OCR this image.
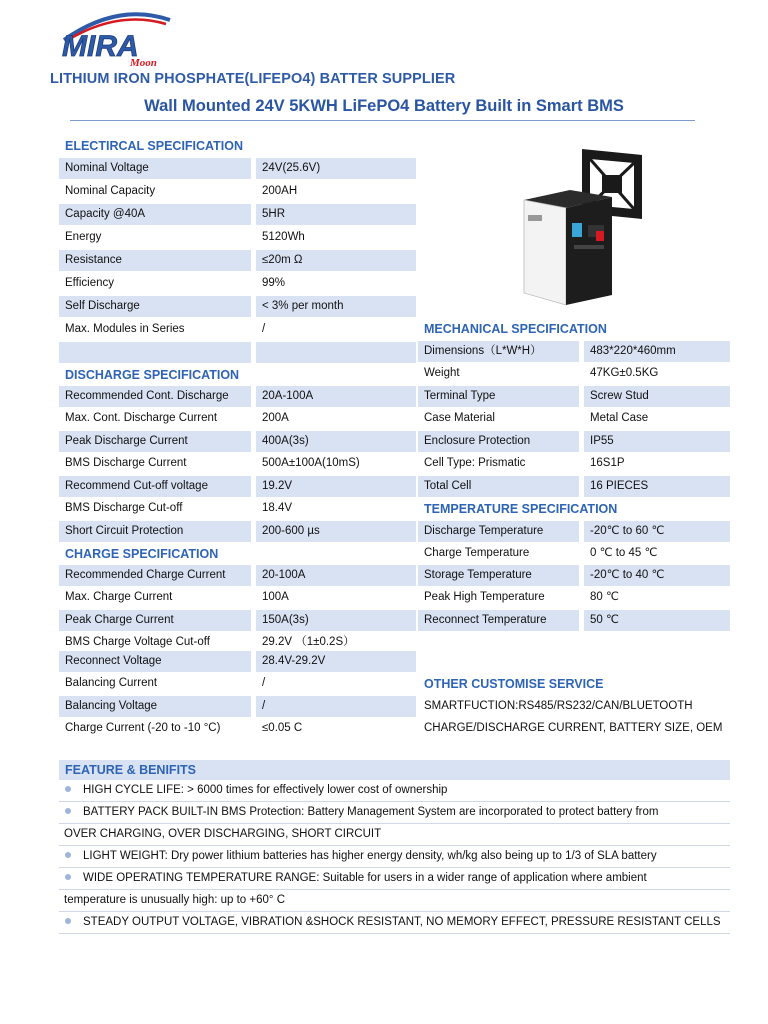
MIRA
Moon
LITHIUM IRON PHOSPHATE(LIFEPO4) BATTER SUPPLIER
Wall Mounted 24V 5KWH LiFePO4 Battery Built in Smart BMS
ELECTIRCAL SPECIFICATION
Nominal Voltage	24V(25.6V)
Nominal Capacity	200AH
Capacity @40A	5HR
Energy	5120Wh
Resistance	≤20m Ω
Efficiency	99%
Self Discharge	< 3% per month
Max. Modules in Series	/
DISCHARGE SPECIFICATION
Recommended Cont. Discharge	20A-100A
Max. Cont. Discharge Current	200A
Peak Discharge Current	400A(3s)
BMS Discharge Current	500A±100A(10mS)
Recommend Cut-off voltage	19.2V
BMS Discharge Cut-off	18.4V
Short Circuit Protection	200-600 µs
CHARGE SPECIFICATION
Recommended Charge Current	20-100A
Max. Charge Current	100A
Peak Charge Current	150A(3s)
BMS Charge Voltage Cut-off	29.2V （1±0.2S）
Reconnect Voltage	28.4V-29.2V
Balancing Current	/
Balancing Voltage	/
Charge Current (-20 to -10 °C)	≤0.05 C
MECHANICAL SPECIFICATION
Dimensions（L*W*H）	483*220*460mm
Weight	47KG±0.5KG
Terminal Type	Screw Stud
Case Material	Metal Case
Enclosure Protection	IP55
Cell Type: Prismatic	16S1P
Total Cell	16 PIECES
TEMPERATURE SPECIFICATION
Discharge Temperature	-20℃ to 60 ℃
Charge Temperature	0 ℃ to 45 ℃
Storage Temperature	-20℃ to 40 ℃
Peak High Temperature	80 ℃
Reconnect Temperature	50 ℃
OTHER CUSTOMISE SERVICE
SMARTFUCTION:RS485/RS232/CAN/BLUETOOTH
CHARGE/DISCHARGE CURRENT, BATTERY SIZE, OEM
FEATURE & BENIFITS
HIGH CYCLE LIFE: > 6000 times for effectively lower cost of ownership
BATTERY PACK BUILT-IN BMS Protection: Battery Management System are incorporated to protect battery from
OVER CHARGING, OVER DISCHARGING, SHORT CIRCUIT
LIGHT WEIGHT: Dry power lithium batteries has higher energy density, wh/kg also being up to 1/3 of SLA battery
WIDE OPERATING TEMPERATURE RANGE: Suitable for users in a wider range of application where ambient
temperature is unusually high: up to +60° C
STEADY OUTPUT VOLTAGE, VIBRATION &SHOCK RESISTANT, NO MEMORY EFFECT, PRESSURE RESISTANT CELLS
